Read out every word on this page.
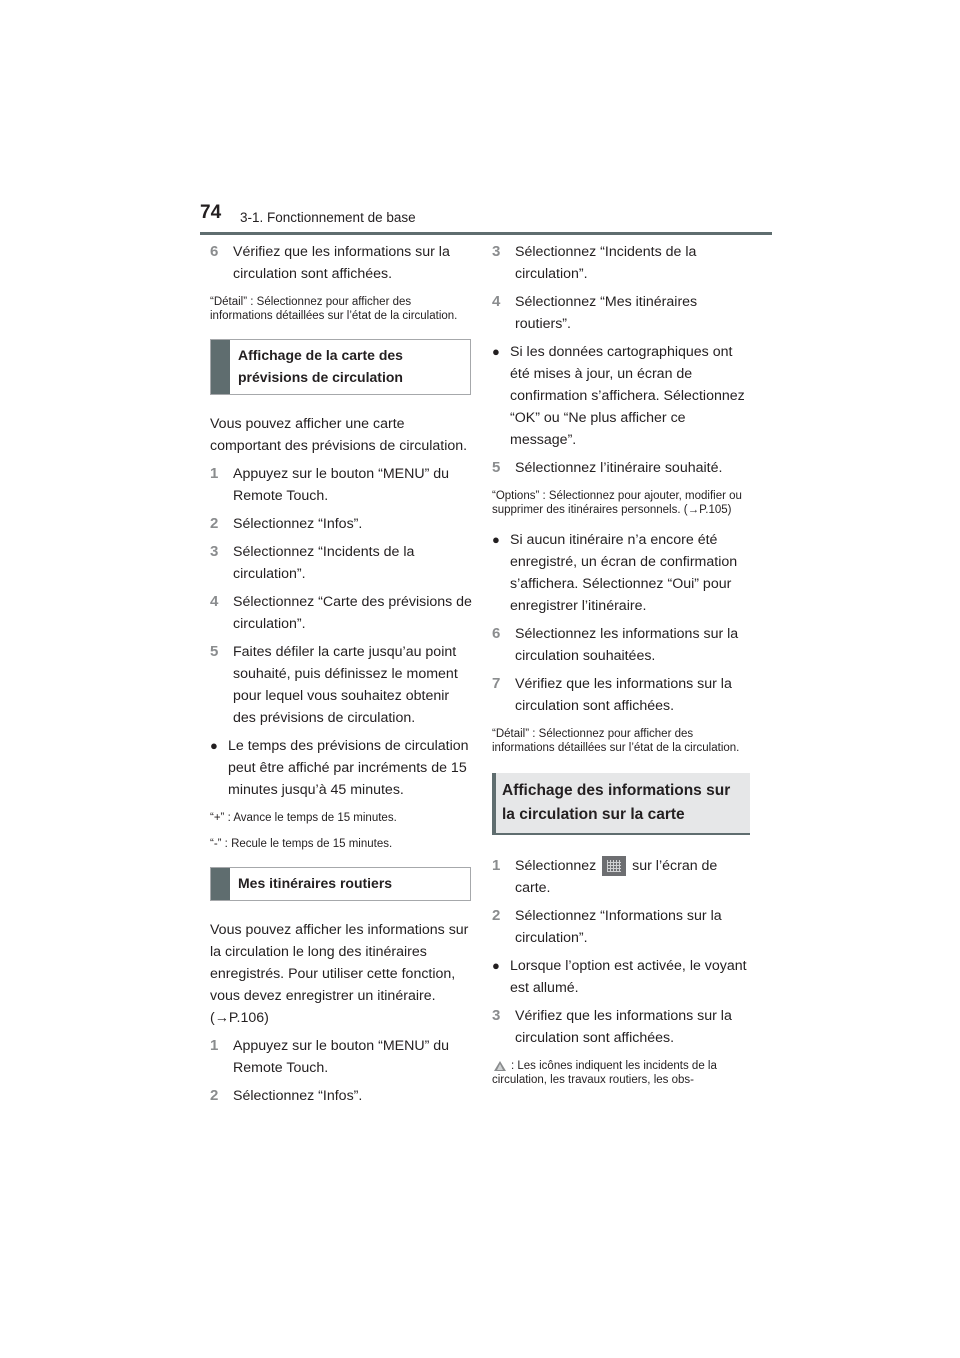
74 3-1. Fonctionnement de base
6 Vérifiez que les informations sur la circulation sont affichées.
“Détail” : Sélectionnez pour afficher des informations détaillées sur l’état de la circulation.
Affichage de la carte des prévisions de circulation
Vous pouvez afficher une carte comportant des prévisions de circulation.
1 Appuyez sur le bouton “MENU” du Remote Touch.
2 Sélectionnez “Infos”.
3 Sélectionnez “Incidents de la circulation”.
4 Sélectionnez “Carte des prévisions de circulation”.
5 Faites défiler la carte jusqu’au point souhaité, puis définissez le moment pour lequel vous souhaitez obtenir des prévisions de circulation.
● Le temps des prévisions de circulation peut être affiché par incréments de 15 minutes jusqu’à 45 minutes.
“+” : Avance le temps de 15 minutes.
“-” : Recule le temps de 15 minutes.
Mes itinéraires routiers
Vous pouvez afficher les informations sur la circulation le long des itinéraires enregistrés. Pour utiliser cette fonction, vous devez enregistrer un itinéraire. (→P.106)
1 Appuyez sur le bouton “MENU” du Remote Touch.
2 Sélectionnez “Infos”.
3 Sélectionnez “Incidents de la circulation”.
4 Sélectionnez “Mes itinéraires routiers”.
● Si les données cartographiques ont été mises à jour, un écran de confirmation s’affichera. Sélectionnez “OK” ou “Ne plus afficher ce message”.
5 Sélectionnez l’itinéraire souhaité.
“Options” : Sélectionnez pour ajouter, modifier ou supprimer des itinéraires personnels. (→P.105)
● Si aucun itinéraire n’a encore été enregistré, un écran de confirmation s’affichera. Sélectionnez “Oui” pour enregistrer l’itinéraire.
6 Sélectionnez les informations sur la circulation souhaitées.
7 Vérifiez que les informations sur la circulation sont affichées.
“Détail” : Sélectionnez pour afficher des informations détaillées sur l’état de la circulation.
Affichage des informations sur la circulation sur la carte
1 Sélectionnez	sur l’écran de carte.
2 Sélectionnez “Informations sur la circulation”.
● Lorsque l’option est activée, le voyant est allumé.
3 Vérifiez que les informations sur la circulation sont affichées.
: Les icônes indiquent les incidents de la circulation, les travaux routiers, les obs-
